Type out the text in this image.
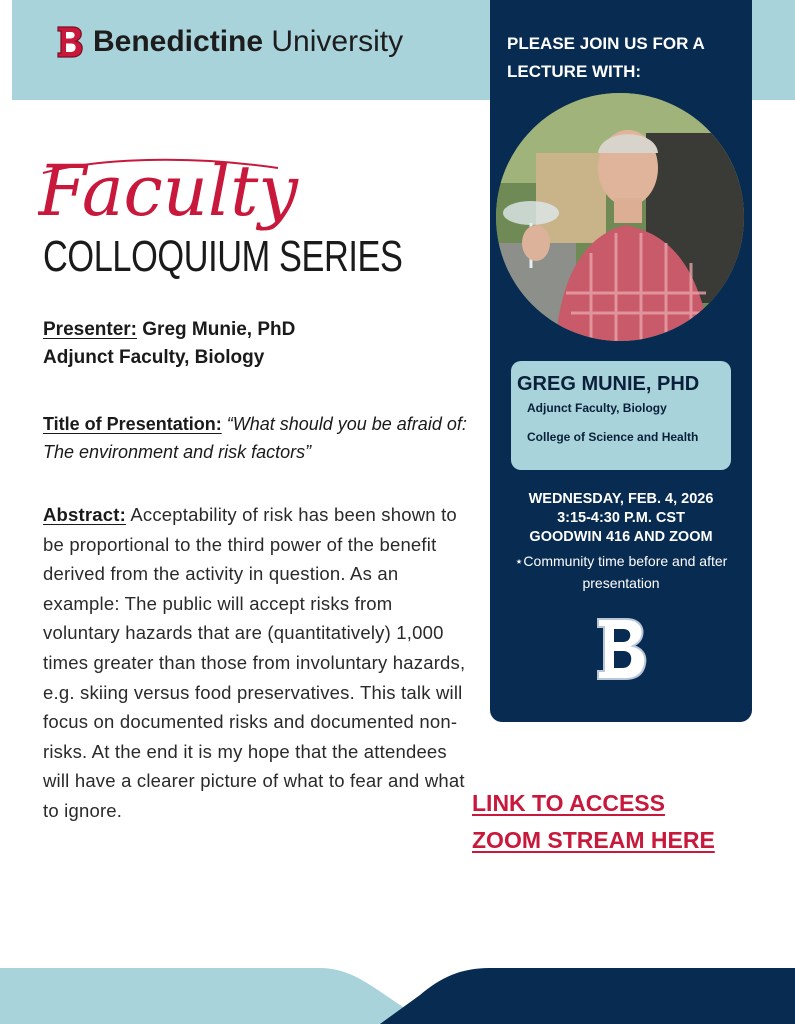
Benedictine University	PLEASE JOIN US FOR A LECTURE WITH:
GREG MUNIE, PHD
Adjunct Faculty, Biology
College of Science and Health
WEDNESDAY, FEB. 4, 2026
3:15-4:30 P.M. CST
GOODWIN 416 AND ZOOM
⋆Community time before and after presentation
Faculty
COLLOQUIUM SERIES
Presenter: Greg Munie, PhD
Adjunct Faculty, Biology
Title of Presentation: “What should you be afraid of: The environment and risk factors”
Abstract: Acceptability of risk has been shown to be proportional to the third power of the benefit derived from the activity in question. As an example: The public will accept risks from voluntary hazards that are (quantitatively) 1,000 times greater than those from involuntary hazards, e.g. skiing versus food preservatives. This talk will focus on documented risks and documented non-risks. At the end it is my hope that the attendees will have a clearer picture of what to fear and what to ignore.	LINK TO ACCESS
ZOOM STREAM HERE
